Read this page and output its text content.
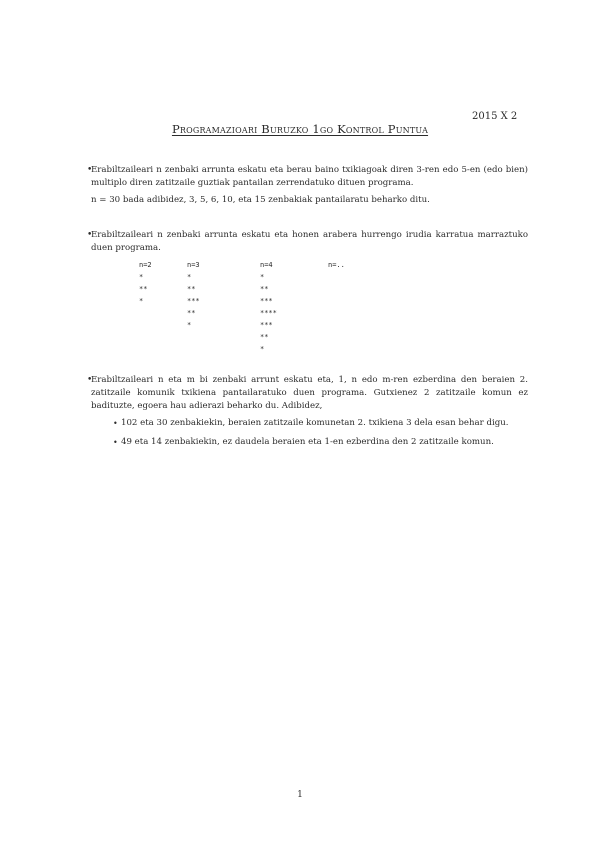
2015 X 2
Programazioari Buruzko 1go Kontrol Puntua
•
Erabiltzaileari n zenbaki arrunta eskatu eta berau baino txikiagoak diren 3-ren edo 5-en (edo bien) multiplo diren zatitzaile guztiak pantailan zerrendatuko dituen programa.
n = 30 bada adibidez, 3, 5, 6, 10, eta 15 zenbakiak pantailaratu beharko ditu.
•
Erabiltzaileari n zenbaki arrunta eskatu eta honen arabera hurrengo irudia karratua marraztuko duen programa.
n=2
*
**
*
n=3
*
**
***
**
*
n=4
*
**
***
****
***
**
*
n=..
•
Erabiltzaileari n eta m bi zenbaki arrunt eskatu eta, 1, n edo m-ren ezberdina den beraien 2. zatitzaile komunik txikiena pantailaratuko duen programa. Gutxienez 2 zatitzaile komun ez badituzte, egoera hau adierazi beharko du. Adibidez,
• 102 eta 30 zenbakiekin, beraien zatitzaile komunetan 2. txikiena 3 dela esan behar digu.
• 49 eta 14 zenbakiekin, ez daudela beraien eta 1-en ezberdina den 2 zatitzaile komun.
1
